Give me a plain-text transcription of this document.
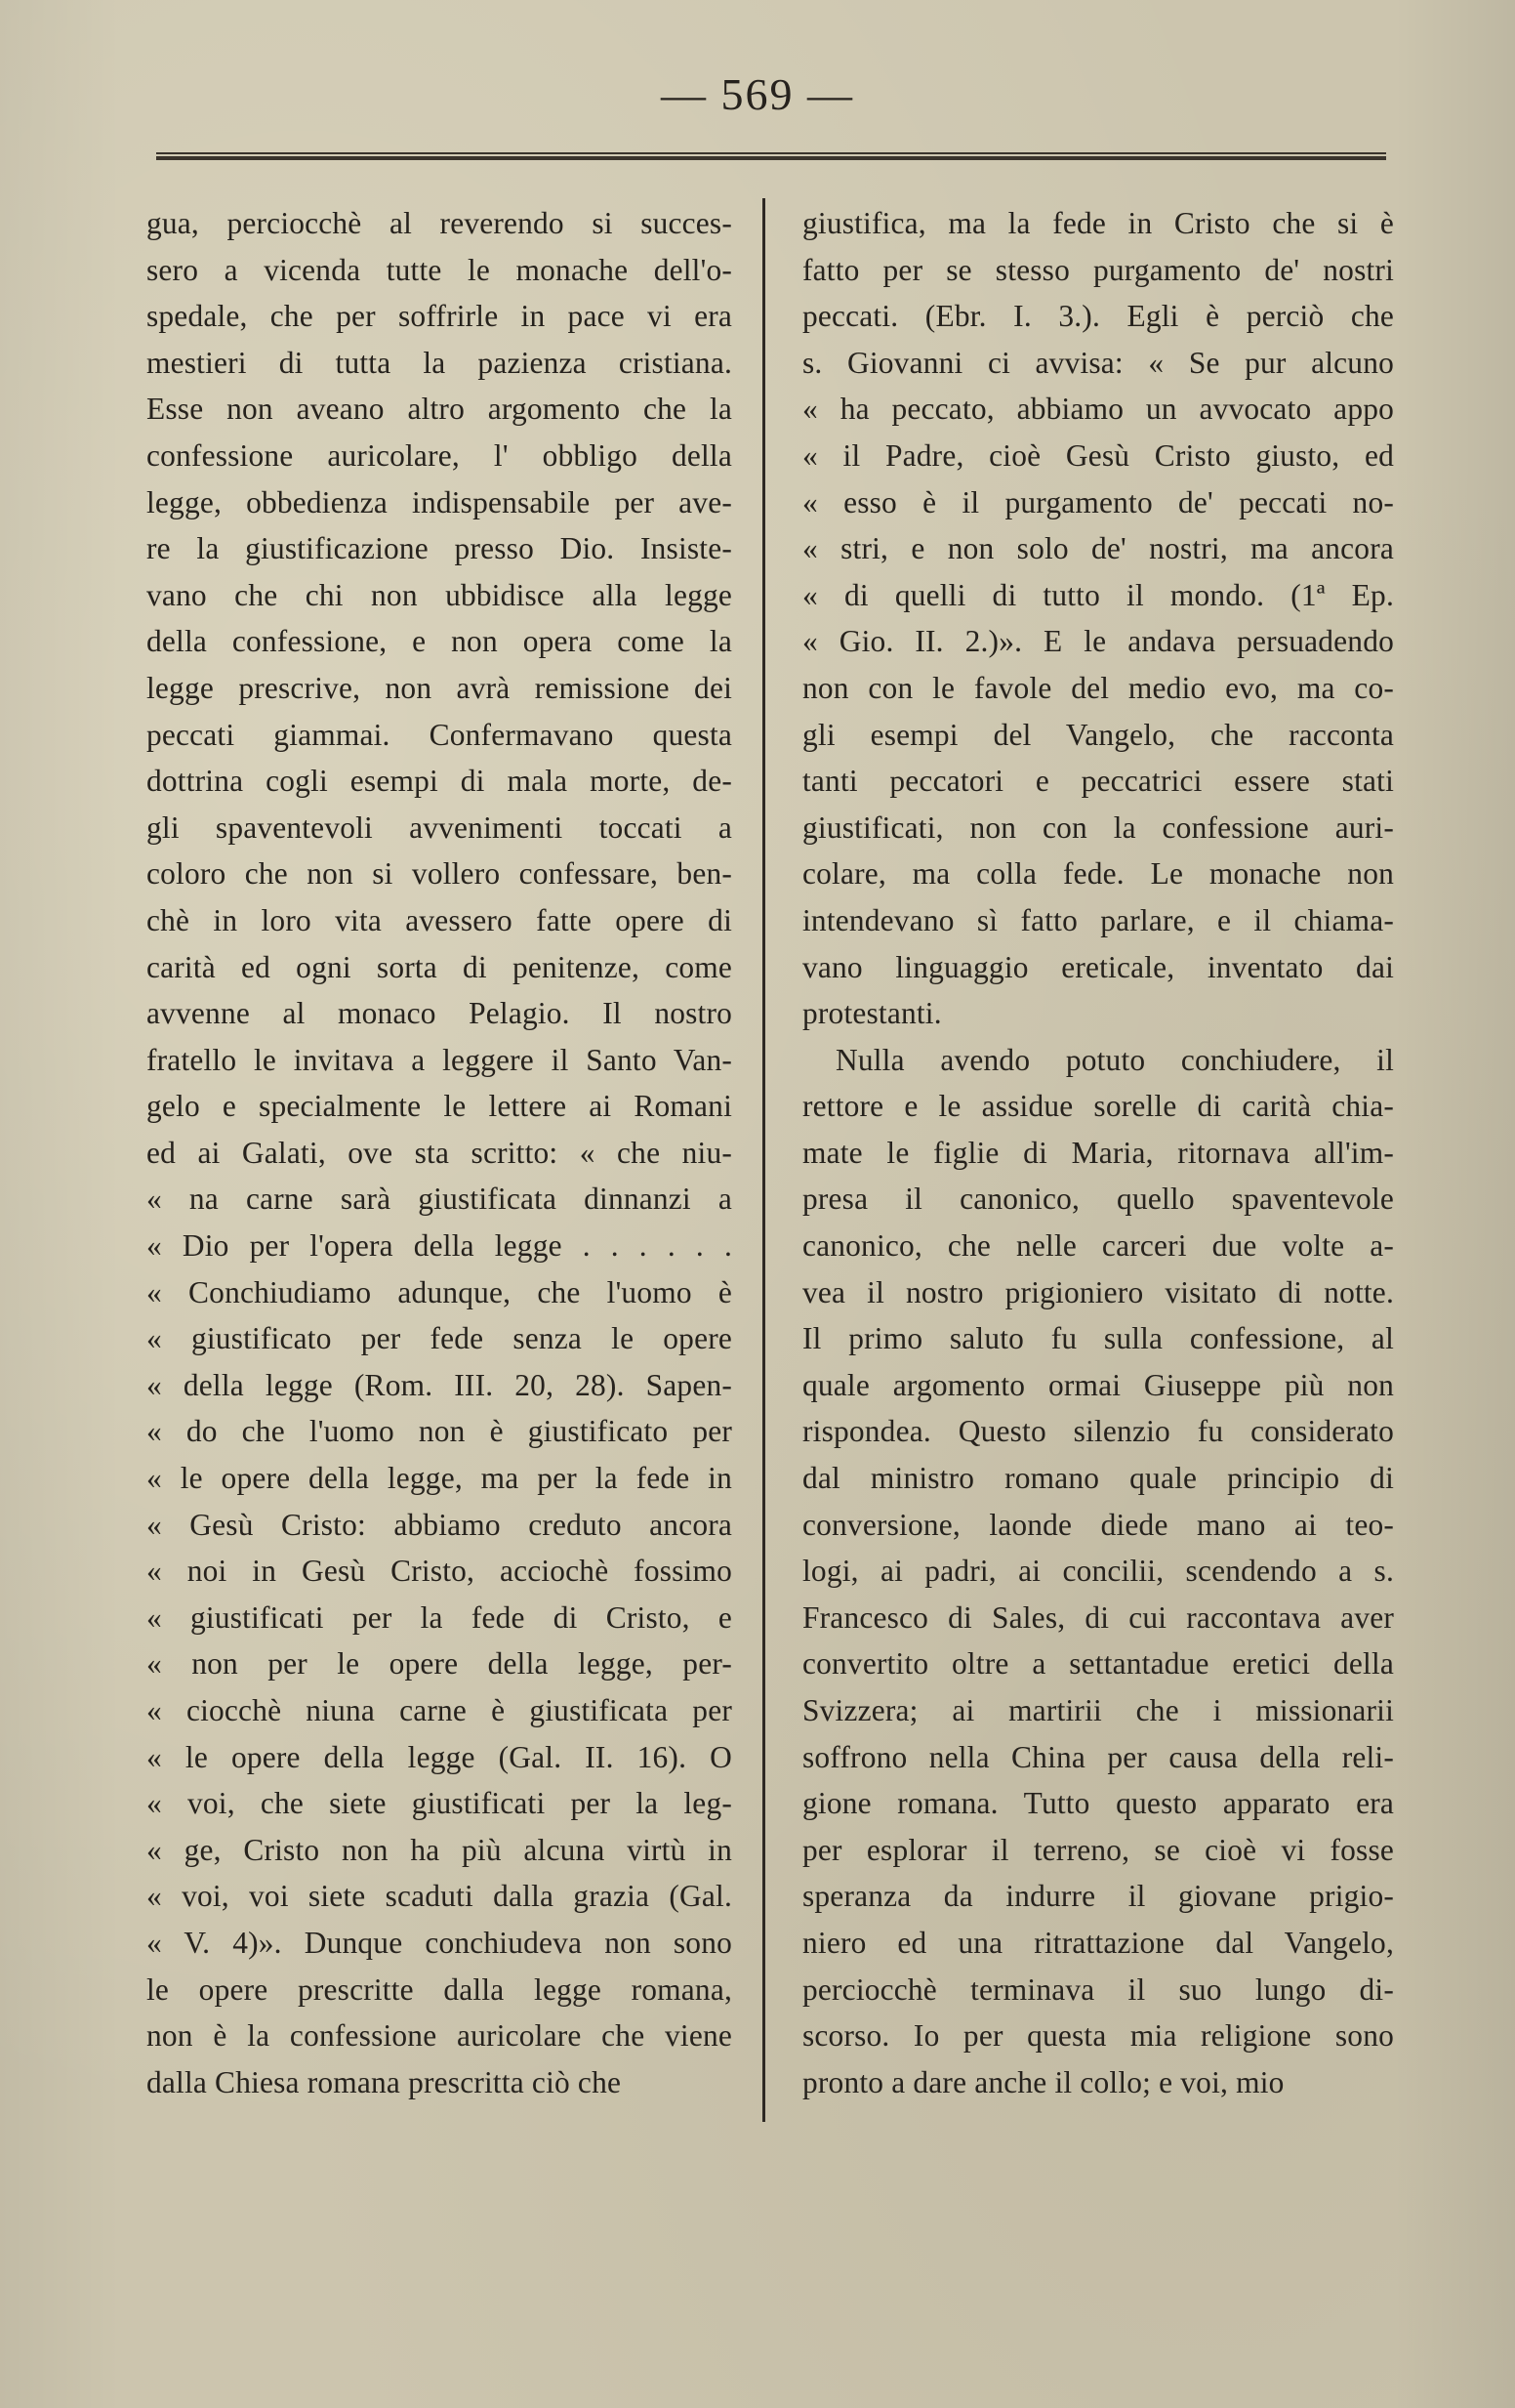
— 569 —
gua, perciocchè al reverendo si succes-
sero a vicenda tutte le monache dell'o-
spedale, che per soffrirle in pace vi era
mestieri di tutta la pazienza cristiana.
Esse non aveano altro argomento che la
confessione auricolare, l' obbligo della
legge, obbedienza indispensabile per ave-
re la giustificazione presso Dio. Insiste-
vano che chi non ubbidisce alla legge
della confessione, e non opera come la
legge prescrive, non avrà remissione dei
peccati giammai. Confermavano questa
dottrina cogli esempi di mala morte, de-
gli spaventevoli avvenimenti toccati a
coloro che non si vollero confessare, ben-
chè in loro vita avessero fatte opere di
carità ed ogni sorta di penitenze, come
avvenne al monaco Pelagio. Il nostro
fratello le invitava a leggere il Santo Van-
gelo e specialmente le lettere ai Romani
ed ai Galati, ove sta scritto: « che niu-
« na carne sarà giustificata dinnanzi a
« Dio per l'opera della legge . . . . . .
« Conchiudiamo adunque, che l'uomo è
« giustificato per fede senza le opere
« della legge (Rom. III. 20, 28). Sapen-
« do che l'uomo non è giustificato per
« le opere della legge, ma per la fede in
« Gesù Cristo: abbiamo creduto ancora
« noi in Gesù Cristo, acciochè fossimo
« giustificati per la fede di Cristo, e
« non per le opere della legge, per-
« ciocchè niuna carne è giustificata per
« le opere della legge (Gal. II. 16). O
« voi, che siete giustificati per la leg-
« ge, Cristo non ha più alcuna virtù in
« voi, voi siete scaduti dalla grazia (Gal.
« V. 4)». Dunque conchiudeva non sono
le opere prescritte dalla legge romana,
non è la confessione auricolare che viene
dalla Chiesa romana prescritta ciò che
giustifica, ma la fede in Cristo che si è
fatto per se stesso purgamento de' nostri
peccati. (Ebr. I. 3.). Egli è perciò che
s. Giovanni ci avvisa: « Se pur alcuno
« ha peccato, abbiamo un avvocato appo
« il Padre, cioè Gesù Cristo giusto, ed
« esso è il purgamento de' peccati no-
« stri, e non solo de' nostri, ma ancora
« di quelli di tutto il mondo. (1ª Ep.
« Gio. II. 2.)». E le andava persuadendo
non con le favole del medio evo, ma co-
gli esempi del Vangelo, che racconta
tanti peccatori e peccatrici essere stati
giustificati, non con la confessione auri-
colare, ma colla fede. Le monache non
intendevano sì fatto parlare, e il chiama-
vano linguaggio ereticale, inventato dai
protestanti.
Nulla avendo potuto conchiudere, il
rettore e le assidue sorelle di carità chia-
mate le figlie di Maria, ritornava all'im-
presa il canonico, quello spaventevole
canonico, che nelle carceri due volte a-
vea il nostro prigioniero visitato di notte.
Il primo saluto fu sulla confessione, al
quale argomento ormai Giuseppe più non
rispondea. Questo silenzio fu considerato
dal ministro romano quale principio di
conversione, laonde diede mano ai teo-
logi, ai padri, ai concilii, scendendo a s.
Francesco di Sales, di cui raccontava aver
convertito oltre a settantadue eretici della
Svizzera; ai martirii che i missionarii
soffrono nella China per causa della reli-
gione romana. Tutto questo apparato era
per esplorar il terreno, se cioè vi fosse
speranza da indurre il giovane prigio-
niero ed una ritrattazione dal Vangelo,
perciocchè terminava il suo lungo di-
scorso. Io per questa mia religione sono
pronto a dare anche il collo; e voi, mio
